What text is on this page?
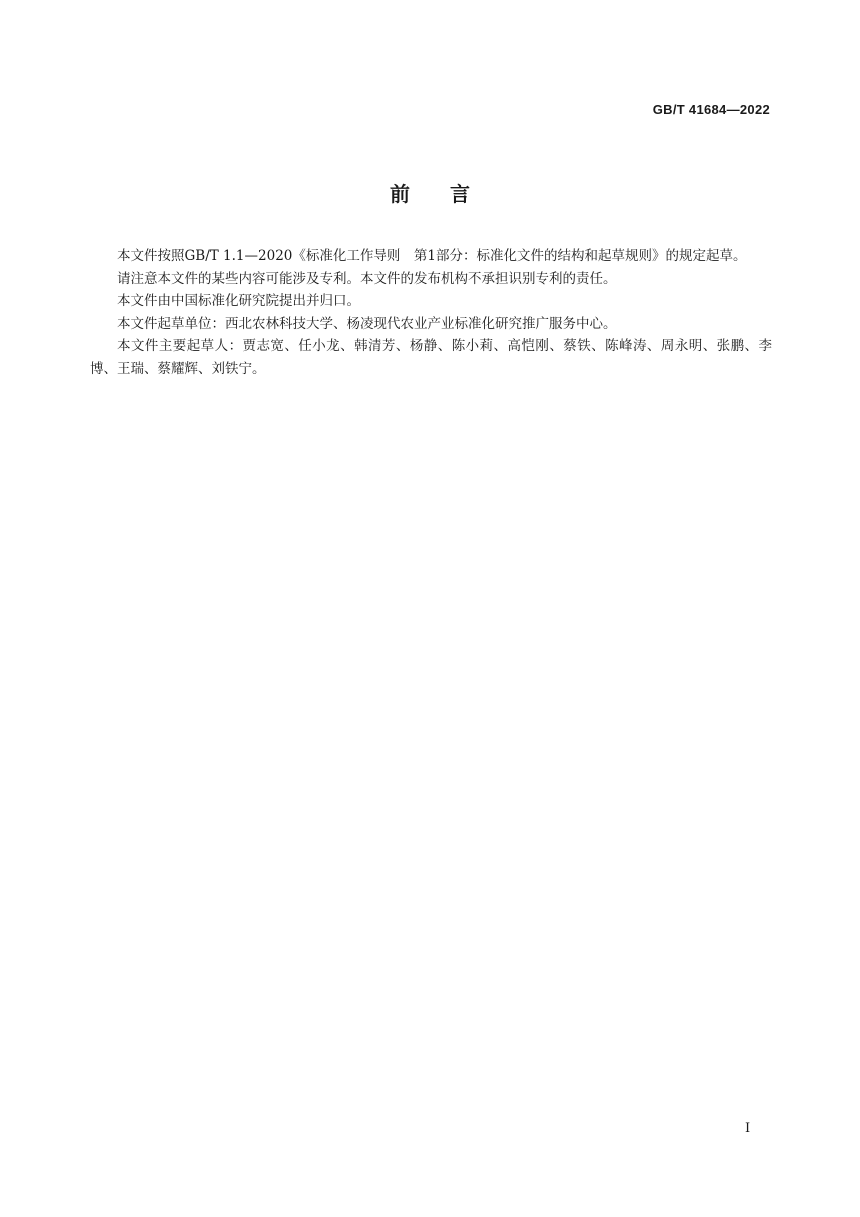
GB/T 41684—2022
前言

本文件按照GB/T 1.1—2020《标准化工作导则　第1部分：标准化文件的结构和起草规则》的规定起草。

请注意本文件的某些内容可能涉及专利。本文件的发布机构不承担识别专利的责任。

本文件由中国标准化研究院提出并归口。

本文件起草单位：西北农林科技大学、杨凌现代农业产业标准化研究推广服务中心。

本文件主要起草人：贾志宽、任小龙、韩清芳、杨静、陈小莉、高恺刚、蔡铁、陈峰涛、周永明、张鹏、李博、王瑞、蔡耀辉、刘铁宁。

I
